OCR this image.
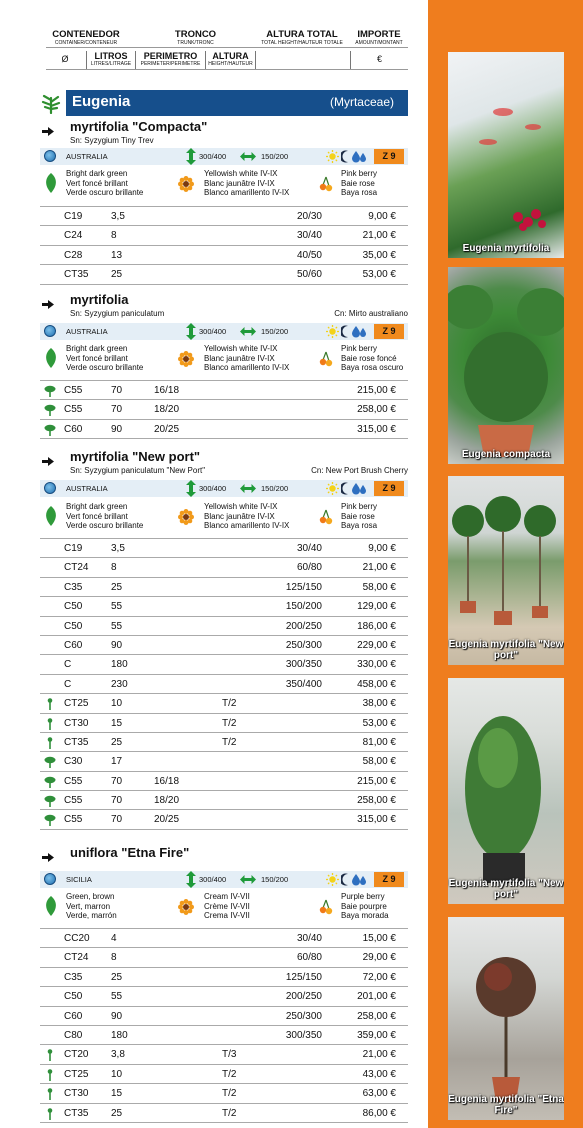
CONTENEDOR
CONTAINER/CONTENEUR
TRONCO
TRUNK/TRONC
ALTURA TOTAL
TOTAL HEIGHT/HAUTEUR TOTALE
IMPORTE
AMOUNT/MONTANT
Ø	LITROS
LITRES/LITRAGE
PERIMETRO
PERIMETER/PERIMETRE
ALTURA
HEIGHT/HAUTEUR	€
Eugenia	(Myrtaceae)
myrtifolia "Compacta"
Sn: Syzygium Tiny Trev
AUSTRALIA	300/400	150/200	Z 9
Bright dark green
Vert foncé brillant
Verde oscuro brillante
Yellowish white IV-IX
Blanc jaunâtre IV-IX
Blanco amarillento IV-IX
Pink berry
Baie rose
Baya rosa
C19	3,5	20/30	9,00 €
C24	8	30/40	21,00 €
C28	13	40/50	35,00 €
CT35 25	50/60	53,00 €
myrtifolia
Sn: Syzygium paniculatum	Cn: Mirto australiano
AUSTRALIA	300/400	150/200	Z 9
Bright dark green
Vert foncé brillant
Verde oscuro brillante
Yellowish white IV-IX
Blanc jaunâtre IV-IX
Blanco amarillento IV-IX
Pink berry
Baie rose foncé
Baya rosa oscuro
C55	70	16/18	215,00 €
C55	70	18/20	258,00 €
C60	90	20/25	315,00 €
myrtifolia "New port"
Sn: Syzygium paniculatum "New Port"	Cn: New Port Brush Cherry
AUSTRALIA	300/400	150/200	Z 9
Bright dark green
Vert foncé brillant
Verde oscuro brillante
Yellowish white IV-IX
Blanc jaunâtre IV-IX
Blanco amarillento IV-IX
Pink berry
Baie rose
Baya rosa
C19	3,5	30/40	9,00 €
CT24 8	60/80	21,00 €
C35	25	125/150	58,00 €
C50	55	150/200	129,00 €
C50	55	200/250	186,00 €
C60	90	250/300	229,00 €
C	180	300/350	330,00 €
C	230	350/400	458,00 €
CT25 10	T/2	38,00 €
CT30 15	T/2	53,00 €
CT35 25	T/2	81,00 €
C30	17	58,00 €
C55	70	16/18	215,00 €
C55	70	18/20	258,00 €
C55	70	20/25	315,00 €
uniflora "Etna Fire"
SICILIA	300/400	150/200	Z 9
Green, brown
Vert, marron
Verde, marrón
Cream IV-VII
Crème IV-VII
Crema IV-VII
Purple berry
Baie pourpre
Baya morada
CC20 4	30/40	15,00 €
CT24 8	60/80	29,00 €
C35	25	125/150	72,00 €
C50	55	200/250	201,00 €
C60	90	250/300	258,00 €
C80	180	300/350	359,00 €
CT20 3,8	T/3	21,00 €
CT25 10	T/2	43,00 €
CT30 15	T/2	63,00 €
CT35 25	T/2	86,00 €
Eugenia myrtifolia
Eugenia compacta
Eugenia myrtifolia "New port"
Eugenia myrtifolia "New port"
Eugenia myrtifolia "Etna Fire"
